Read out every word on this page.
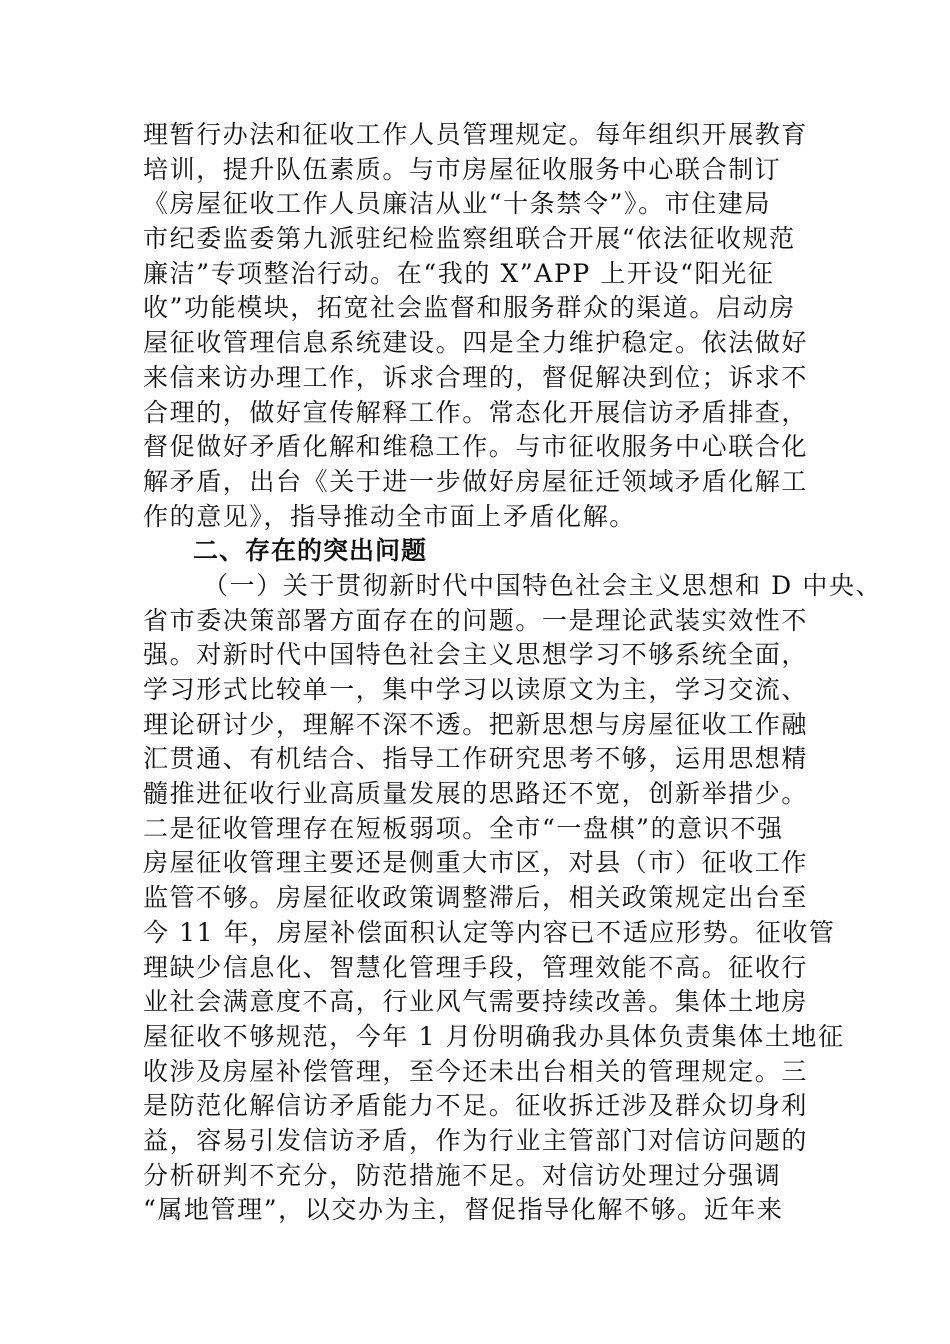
理暂行办法和征收工作人员管理规定。每年组织开展教育
培训，提升队伍素质。与市房屋征收服务中心联合制订
《房屋征收工作人员廉洁从业“十条禁令”》。市住建局
市纪委监委第九派驻纪检监察组联合开展“依法征收规范
廉洁”专项整治行动。在“我的 X”APP 上开设“阳光征
收”功能模块，拓宽社会监督和服务群众的渠道。启动房
屋征收管理信息系统建设。四是全力维护稳定。依法做好
来信来访办理工作，诉求合理的，督促解决到位；诉求不
合理的，做好宣传解释工作。常态化开展信访矛盾排查，
督促做好矛盾化解和维稳工作。与市征收服务中心联合化
解矛盾，出台《关于进一步做好房屋征迁领域矛盾化解工
作的意见》，指导推动全市面上矛盾化解。
二、存在的突出问题
（一）关于贯彻新时代中国特色社会主义思想和 D 中央、
省市委决策部署方面存在的问题。一是理论武装实效性不
强。对新时代中国特色社会主义思想学习不够系统全面，
学习形式比较单一，集中学习以读原文为主，学习交流、
理论研讨少，理解不深不透。把新思想与房屋征收工作融
汇贯通、有机结合、指导工作研究思考不够，运用思想精
髓推进征收行业高质量发展的思路还不宽，创新举措少。
二是征收管理存在短板弱项。全市“一盘棋”的意识不强
房屋征收管理主要还是侧重大市区，对县（市）征收工作
监管不够。房屋征收政策调整滞后，相关政策规定出台至
今 11 年，房屋补偿面积认定等内容已不适应形势。征收管
理缺少信息化、智慧化管理手段，管理效能不高。征收行
业社会满意度不高，行业风气需要持续改善。集体土地房
屋征收不够规范，今年 1 月份明确我办具体负责集体土地征
收涉及房屋补偿管理，至今还未出台相关的管理规定。三
是防范化解信访矛盾能力不足。征收拆迁涉及群众切身利
益，容易引发信访矛盾，作为行业主管部门对信访问题的
分析研判不充分，防范措施不足。对信访处理过分强调
“属地管理”，以交办为主，督促指导化解不够。近年来
